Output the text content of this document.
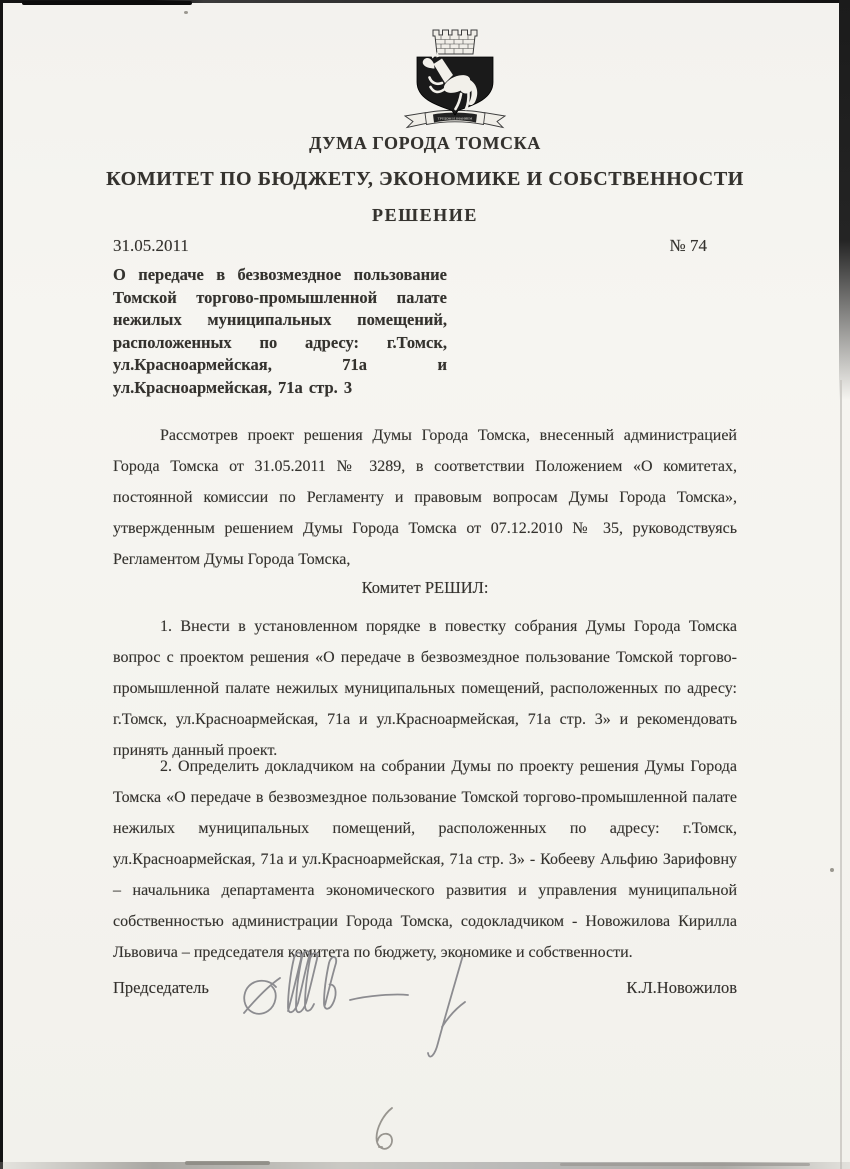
ТРУДОМ И ЗНАНИЕМ
ДУМА ГОРОДА ТОМСКА
КОМИТЕТ ПО БЮДЖЕТУ, ЭКОНОМИКЕ И СОБСТВЕННОСТИ
РЕШЕНИЕ
31.05.2011	№ 74
О передаче в безвозмездное пользование Томской торгово-промышленной палате нежилых муниципальных помещений, расположенных по адресу: г.Томск, ул.Красноармейская, 71а и ул.Красноармейская, 71а стр. 3
Рассмотрев проект решения Думы Города Томска, внесенный администрацией Города Томска от 31.05.2011 № 3289, в соответствии Положением «О комитетах, постоянной комиссии по Регламенту и правовым вопросам Думы Города Томска», утвержденным решением Думы Города Томска от 07.12.2010 № 35, руководствуясь Регламентом Думы Города Томска,
Комитет РЕШИЛ:
1. Внести в установленном порядке в повестку собрания Думы Города Томска вопрос с проектом решения «О передаче в безвозмездное пользование Томской торгово-промышленной палате нежилых муниципальных помещений, расположенных по адресу: г.Томск, ул.Красноармейская, 71а и ул.Красноармейская, 71а стр. 3» и рекомендовать принять данный проект.
2. Определить докладчиком на собрании Думы по проекту решения Думы Города Томска «О передаче в безвозмездное пользование Томской торгово-промышленной палате нежилых муниципальных помещений, расположенных по адресу: г.Томск, ул.Красноармейская, 71а и ул.Красноармейская, 71а стр. 3» - Кобееву Альфию Зарифовну – начальника департамента экономического развития и управления муниципальной собственностью администрации Города Томска, содокладчиком - Новожилова Кирилла Львовича – председателя комитета по бюджету, экономике и собственности.
Председатель	К.Л.Новожилов
